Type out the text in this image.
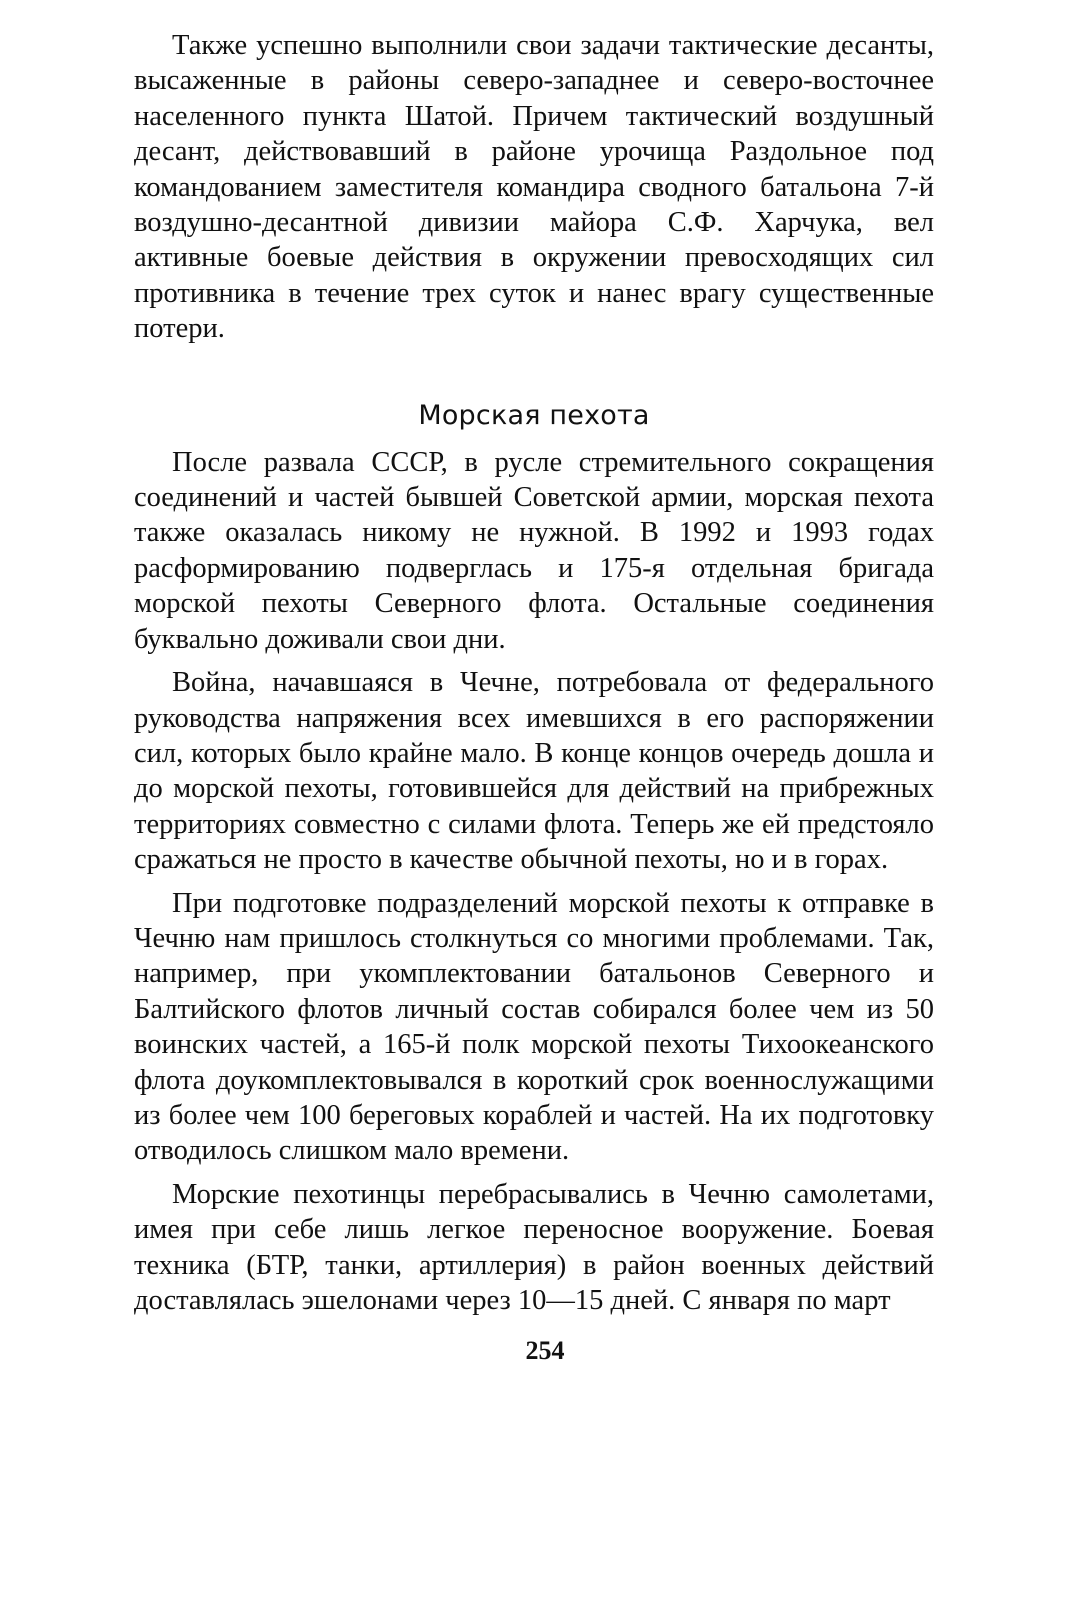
Также успешно выполнили свои задачи тактические десанты, высаженные в районы северо-западнее и северо-восточнее населенного пункта Шатой. Причем тактический воздушный десант, действовавший в районе урочища Раздольное под командованием заместителя командира сводного батальона 7-й воздушно-десантной дивизии майора С.Ф. Харчука, вел активные боевые действия в окружении превосходящих сил противника в течение трех суток и нанес врагу существенные потери.

Морская пехота

После развала СССР, в русле стремительного сокращения соединений и частей бывшей Советской армии, морская пехота также оказалась никому не нужной. В 1992 и 1993 годах расформированию подверглась и 175-я отдельная бригада морской пехоты Северного флота. Остальные соединения буквально доживали свои дни.

Война, начавшаяся в Чечне, потребовала от федерального руководства напряжения всех имевшихся в его распоряжении сил, которых было крайне мало. В конце концов очередь дошла и до морской пехоты, готовившейся для действий на прибрежных территориях совместно с силами флота. Теперь же ей предстояло сражаться не просто в качестве обычной пехоты, но и в горах.

При подготовке подразделений морской пехоты к отправке в Чечню нам пришлось столкнуться со многими проблемами. Так, например, при укомплектовании батальонов Северного и Балтийского флотов личный состав собирался более чем из 50 воинских частей, а 165-й полк морской пехоты Тихоокеанского флота доукомплектовывался в короткий срок военнослужащими из более чем 100 береговых кораблей и частей. На их подготовку отводилось слишком мало времени.

Морские пехотинцы перебрасывались в Чечню самолетами, имея при себе лишь легкое переносное вооружение. Боевая техника (БТР, танки, артиллерия) в район военных действий доставлялась эшелонами через 10—15 дней. С января по март

254
